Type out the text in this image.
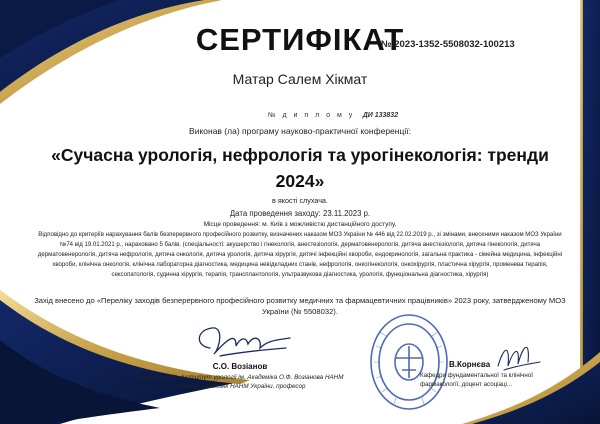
СЕРТИФІКАТ
№ 2023-1352-5508032-100213
Матар Салем Хікмат
№ д и п л о м у ДИ 133832
Виконав (ла) програму науково-практичної конференції:
«Сучасна урологія, нефрологія та урогінекологія: тренди 2024»
в якості слухача.
Дата проведення заходу: 23.11.2023 р.
Місце проведення: м. Київ з можливістю дистанційного доступу.
Відповідно до критеріїв нарахування балів безперервного професійного розвитку, визначених наказом МОЗ України № 446 від 22.02.2019 р., зі змінами, внесеними наказом МОЗ України №74 від 19.01.2021 р., нараховано 5 балів. (спеціальності: акушерство і гінекологія, анестезіологія, дерматовенерологія, дитяча анестезіологія, дитяча гінекологія, дитяча дерматовенерологія, дитяча нефрологія, дитяча онкологія, дитяча урологія, дитяча хірургія, дитячі інфекційні хвороби, ендокринологія, загальна практика - сімейна медицина, інфекційні хвороби, клінічна онкологія, клінічна лабораторна діагностика, медицина невідкладних станів, нефрологія, онкогінекологія, онкохірургія, пластична хірургія, променева терапія, сексопатологія, судинна хірургія, терапія, трансплантологія, ультразвукова діагностика, урологія, функціональна діагностика, хірургія)
Захід внесено до «Переліку заходів безперервного професійного розвитку медичних та фармацевтичних працівників» 2023 року, затвердженому МОЗ України (№ 5508032).
С.О. Возіанов
Директор ДУ «Інститут урології ім. Академіка О.Ф. Возіанова НАНМ України», академік НАНМ України, професор
В.Корнєва
Кафедри фундаментальної та клінічної фармакології, доцент асоціаці...
